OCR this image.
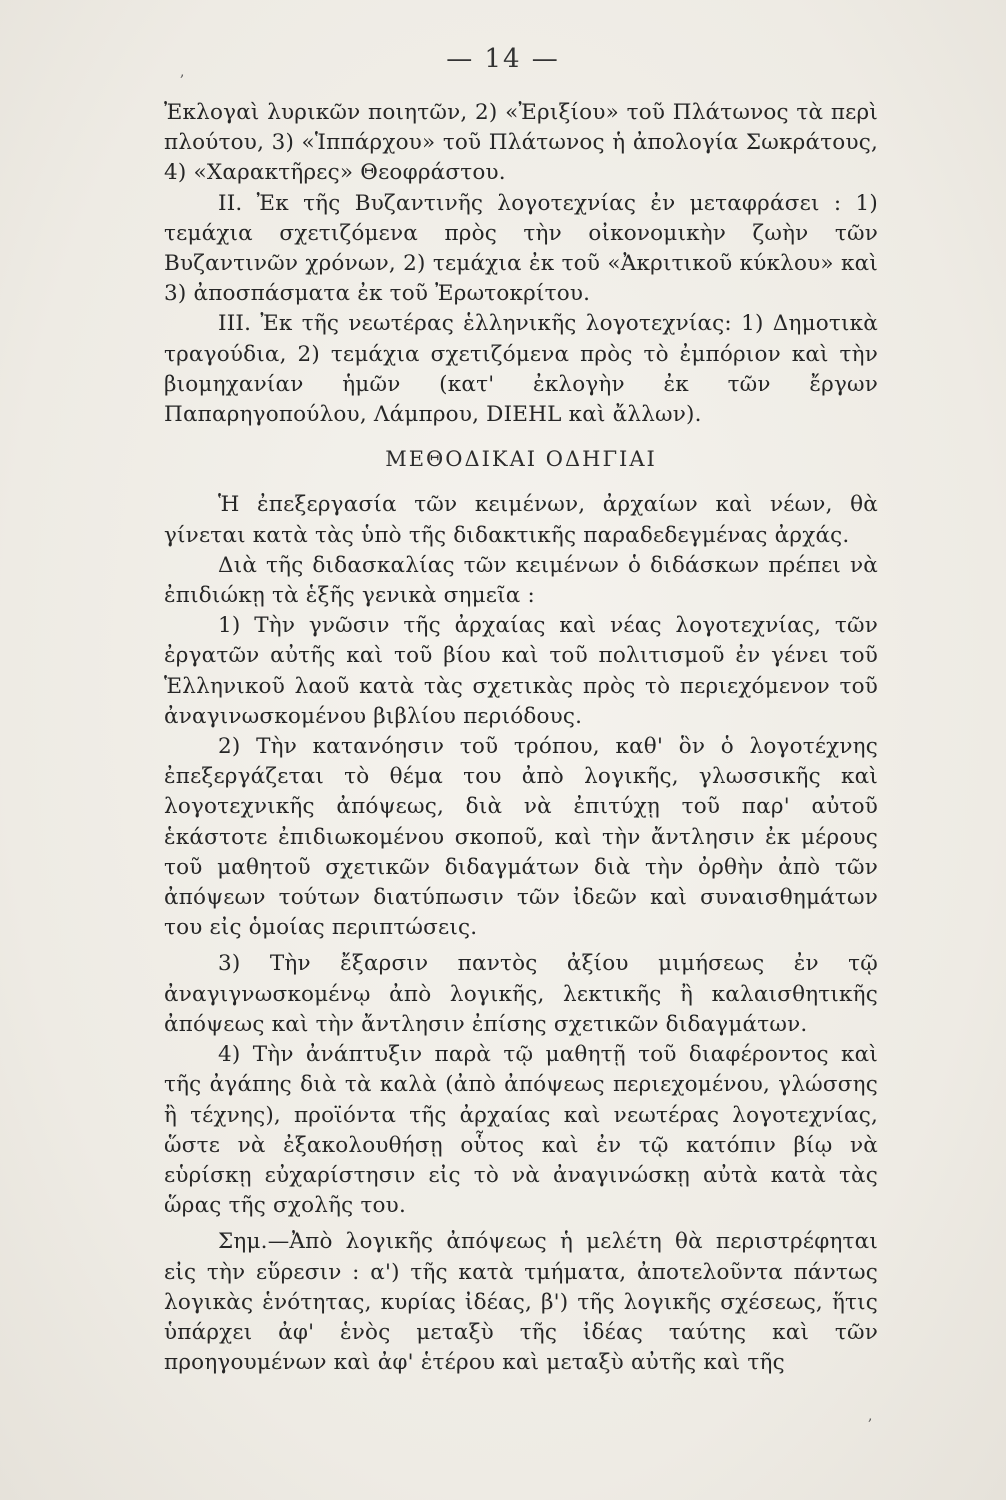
,	— 14 —

Ἐκλογαὶ λυρικῶν ποιητῶν, 2) «Ἐριξίου» τοῦ Πλάτωνος τὰ περὶ πλούτου, 3) «Ἱππάρχου» τοῦ Πλάτωνος ἡ ἀπολογία Σωκράτους, 4) «Χαρακτῆρες» Θεοφράστου.

ΙΙ. Ἐκ τῆς Βυζαντινῆς λογοτεχνίας ἐν μεταφράσει : 1) τεμάχια σχετιζόμενα πρὸς τὴν οἰκονομικὴν ζωὴν τῶν Βυζαντινῶν χρόνων, 2) τεμάχια ἐκ τοῦ «Ἀκριτικοῦ κύκλου» καὶ 3) ἀποσπάσματα ἐκ τοῦ Ἐρωτοκρίτου.

ΙΙΙ. Ἐκ τῆς νεωτέρας ἑλληνικῆς λογοτεχνίας: 1) Δημοτικὰ τραγούδια, 2) τεμάχια σχετιζόμενα πρὸς τὸ ἐμπόριον καὶ τὴν βιομηχανίαν ἡμῶν (κατ' ἐκλογὴν ἐκ τῶν ἔργων Παπαρηγοπούλου, Λάμπρου, DIEHL καὶ ἄλλων).

ΜΕΘΟΔΙΚΑΙ ΟΔΗΓΙΑΙ

Ἡ ἐπεξεργασία τῶν κειμένων, ἀρχαίων καὶ νέων, θὰ γίνεται κατὰ τὰς ὑπὸ τῆς διδακτικῆς παραδεδεγμένας ἀρχάς.

Διὰ τῆς διδασκαλίας τῶν κειμένων ὁ διδάσκων πρέπει νὰ ἐπιδιώκῃ τὰ ἑξῆς γενικὰ σημεῖα :

1) Τὴν γνῶσιν τῆς ἀρχαίας καὶ νέας λογοτεχνίας, τῶν ἐργατῶν αὐτῆς καὶ τοῦ βίου καὶ τοῦ πολιτισμοῦ ἐν γένει τοῦ Ἑλληνικοῦ λαοῦ κατὰ τὰς σχετικὰς πρὸς τὸ περιεχόμενον τοῦ ἀναγινωσκομένου βιβλίου περιόδους.

2) Τὴν κατανόησιν τοῦ τρόπου, καθ' ὃν ὁ λογοτέχνης ἐπεξεργάζεται τὸ θέμα του ἀπὸ λογικῆς, γλωσσικῆς καὶ λογοτεχνικῆς ἀπόψεως, διὰ νὰ ἐπιτύχῃ τοῦ παρ' αὐτοῦ ἑκάστοτε ἐπιδιωκομένου σκοποῦ, καὶ τὴν ἄντλησιν ἐκ μέρους τοῦ μαθητοῦ σχετικῶν διδαγμάτων διὰ τὴν ὀρθὴν ἀπὸ τῶν ἀπόψεων τούτων διατύπωσιν τῶν ἰδεῶν καὶ συναισθημάτων του εἰς ὁμοίας περιπτώσεις.

3) Τὴν ἔξαρσιν παντὸς ἀξίου μιμήσεως ἐν τῷ ἀναγιγνωσκομένῳ ἀπὸ λογικῆς, λεκτικῆς ἢ καλαισθητικῆς ἀπόψεως καὶ τὴν ἄντλησιν ἐπίσης σχετικῶν διδαγμάτων.

4) Τὴν ἀνάπτυξιν παρὰ τῷ μαθητῇ τοῦ διαφέροντος καὶ τῆς ἀγάπης διὰ τὰ καλὰ (ἀπὸ ἀπόψεως περιεχομένου, γλώσσης ἢ τέχνης), προϊόντα τῆς ἀρχαίας καὶ νεωτέρας λογοτεχνίας, ὥστε νὰ ἐξακολουθήσῃ οὗτος καὶ ἐν τῷ κατόπιν βίῳ νὰ εὑρίσκῃ εὐχαρίστησιν εἰς τὸ νὰ ἀναγινώσκῃ αὐτὰ κατὰ τὰς ὥρας τῆς σχολῆς του.

Σημ.—Ἀπὸ λογικῆς ἀπόψεως ἡ μελέτη θὰ περιστρέφηται εἰς τὴν εὕρεσιν : α') τῆς κατὰ τμήματα, ἀποτελοῦντα πάντως λογικὰς ἑνότητας, κυρίας ἰδέας, β') τῆς λογικῆς σχέσεως, ἥτις ὑπάρχει ἀφ' ἑνὸς μεταξὺ τῆς ἰδέας ταύτης καὶ τῶν προηγουμένων καὶ ἀφ' ἑτέρου καὶ μεταξὺ αὐτῆς καὶ τῆς

,
